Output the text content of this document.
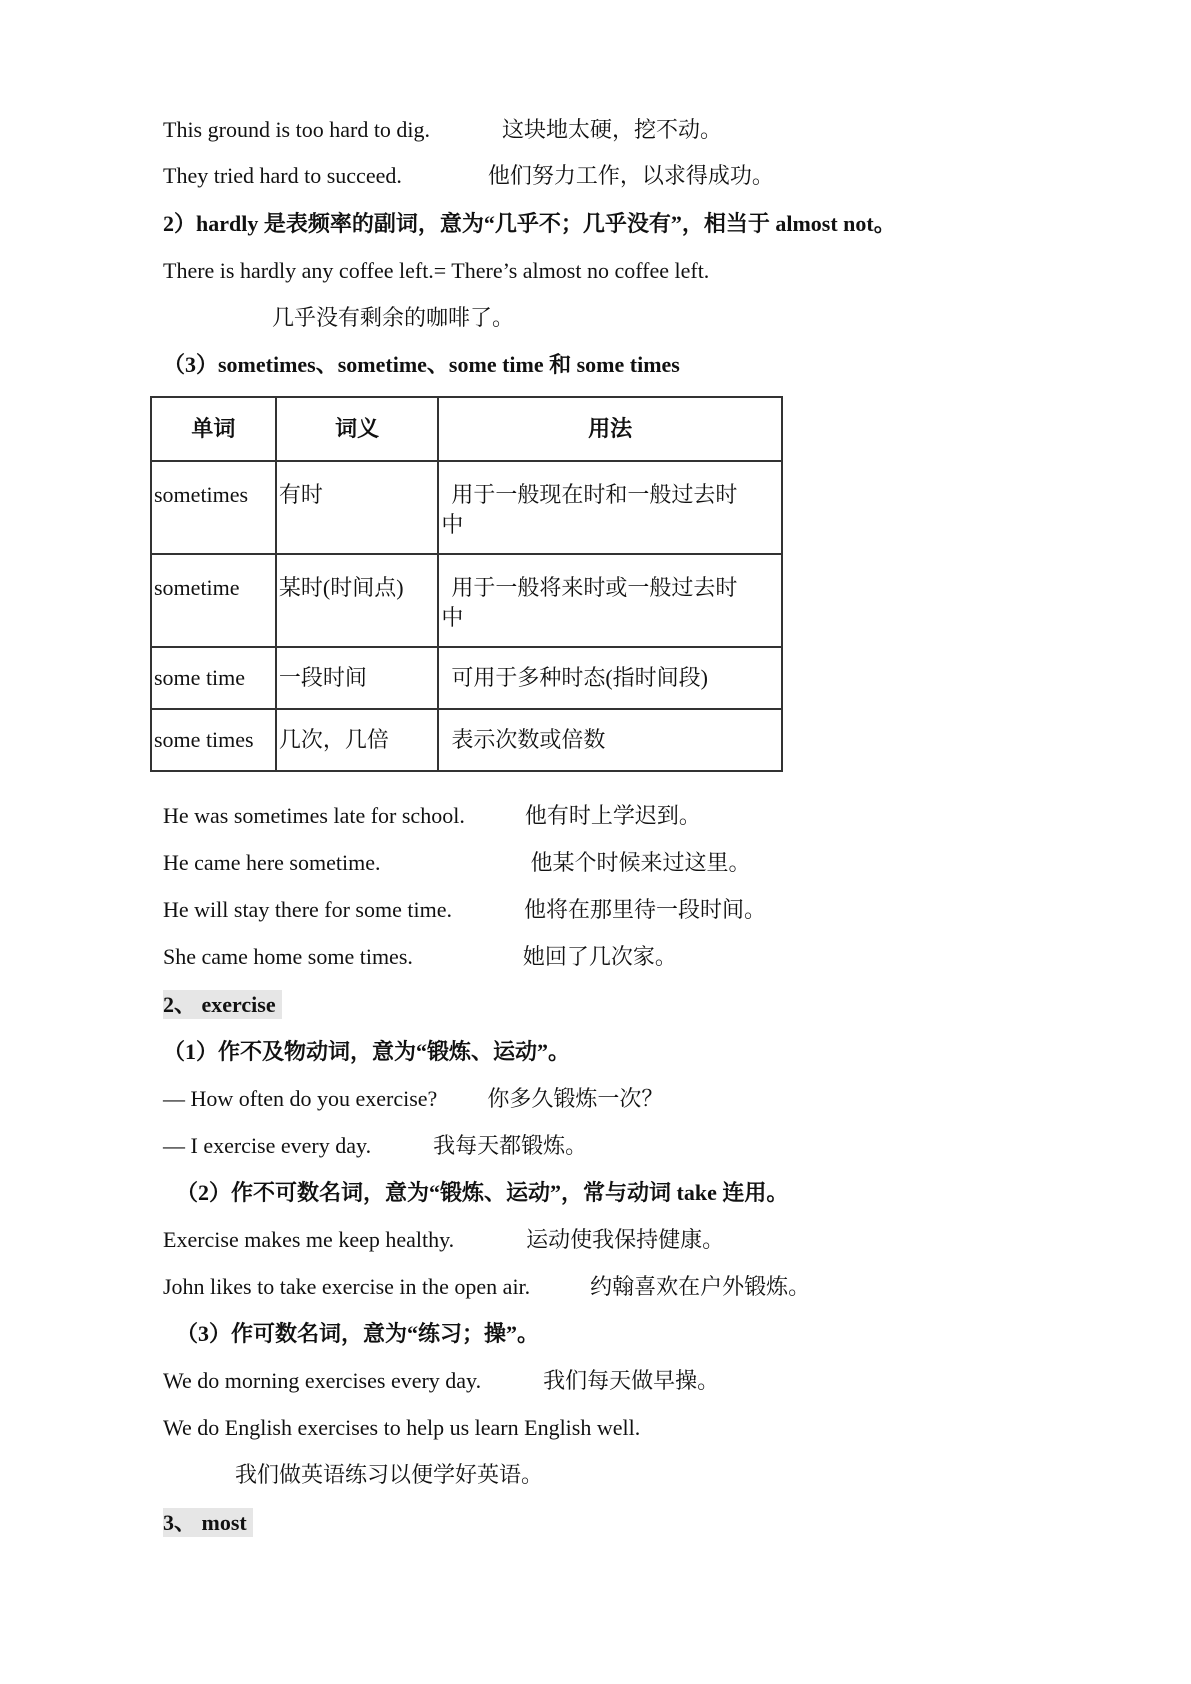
This ground is too hard to dig.	这块地太硬，挖不动。
They tried hard to succeed.	他们努力工作，以求得成功。
2）hardly 是表频率的副词，意为“几乎不；几乎没有”，相当于 almost not。
There is hardly any coffee left.= There’s almost no coffee left.
几乎没有剩余的咖啡了。
（3）sometimes、sometime、some time 和 some times
单词	词义	用法
sometimes	有时	用于一般现在时和一般过去时
中

sometime	某时(时间点)	用于一般将来时或一般过去时
中

some time	一段时间	可用于多种时态(指时间段)

some times	几次，几倍	表示次数或倍数
He was sometimes late for school.	他有时上学迟到。
He came here sometime.	他某个时候来过这里。
He will stay there for some time.	他将在那里待一段时间。
She came home some times.	她回了几次家。
2、 exercise
（1）作不及物动词，意为“锻炼、运动”。
— How often do you exercise? 你多久锻炼一次？
— I exercise every day.	我每天都锻炼。
（2）作不可数名词，意为“锻炼、运动”，常与动词 take 连用。
Exercise makes me keep healthy.	运动使我保持健康。
John likes to take exercise in the open air.	约翰喜欢在户外锻炼。
（3）作可数名词，意为“练习；操”。
We do morning exercises every day.	我们每天做早操。
We do English exercises to help us learn English well.
我们做英语练习以便学好英语。
3、 most
